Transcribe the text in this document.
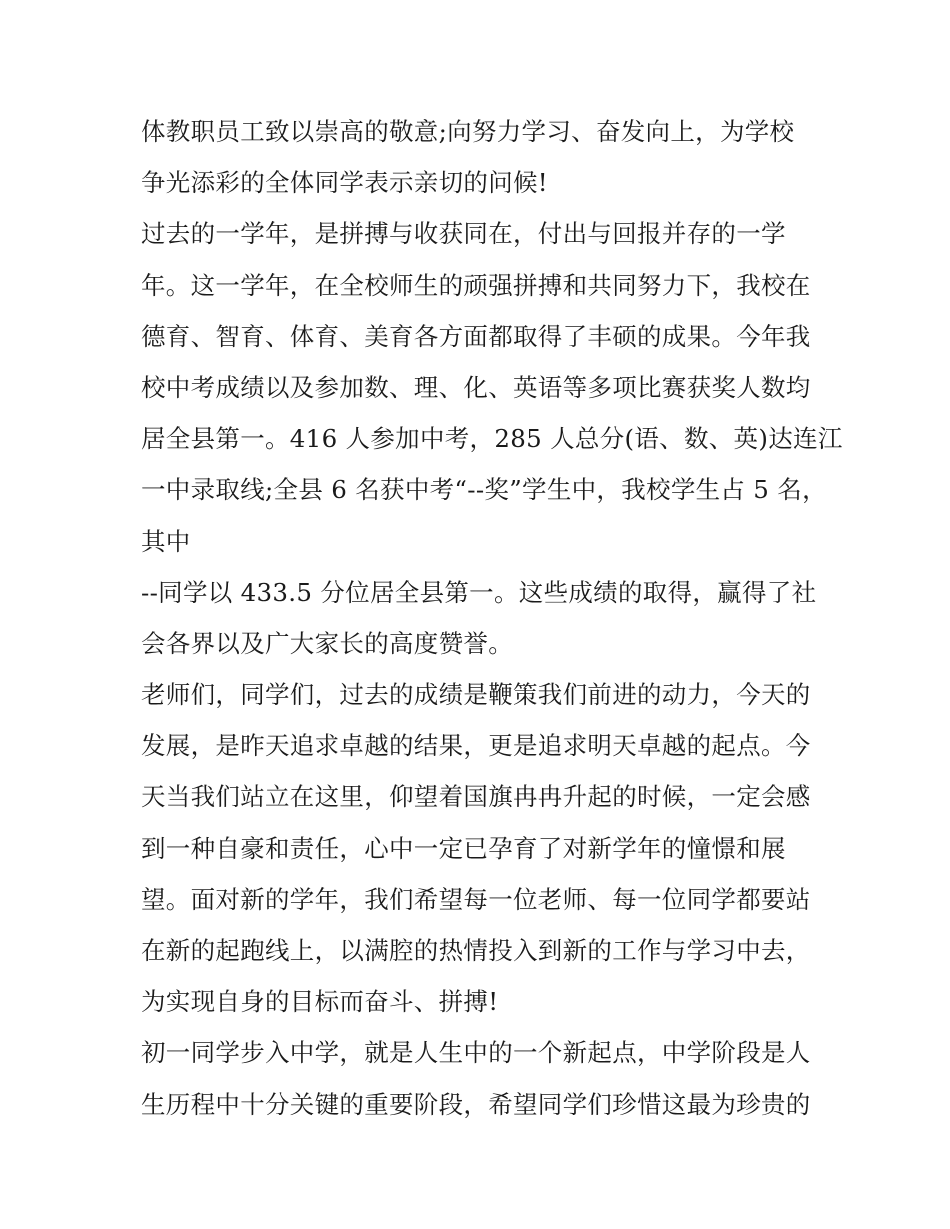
体教职员工致以崇高的敬意;向努力学习、奋发向上，为学校
争光添彩的全体同学表示亲切的问候!
过去的一学年，是拼搏与收获同在，付出与回报并存的一学
年。这一学年，在全校师生的顽强拼搏和共同努力下，我校在
德育、智育、体育、美育各方面都取得了丰硕的成果。今年我
校中考成绩以及参加数、理、化、英语等多项比赛获奖人数均
居全县第一。416 人参加中考，285 人总分(语、数、英)达连江
一中录取线;全县 6 名获中考“--奖”学生中，我校学生占 5 名，
其中
--同学以 433.5 分位居全县第一。这些成绩的取得，赢得了社
会各界以及广大家长的高度赞誉。
老师们，同学们，过去的成绩是鞭策我们前进的动力，今天的
发展，是昨天追求卓越的结果，更是追求明天卓越的起点。今
天当我们站立在这里，仰望着国旗冉冉升起的时候，一定会感
到一种自豪和责任，心中一定已孕育了对新学年的憧憬和展
望。面对新的学年，我们希望每一位老师、每一位同学都要站
在新的起跑线上，以满腔的热情投入到新的工作与学习中去，
为实现自身的目标而奋斗、拼搏!
初一同学步入中学，就是人生中的一个新起点，中学阶段是人
生历程中十分关键的重要阶段，希望同学们珍惜这最为珍贵的
